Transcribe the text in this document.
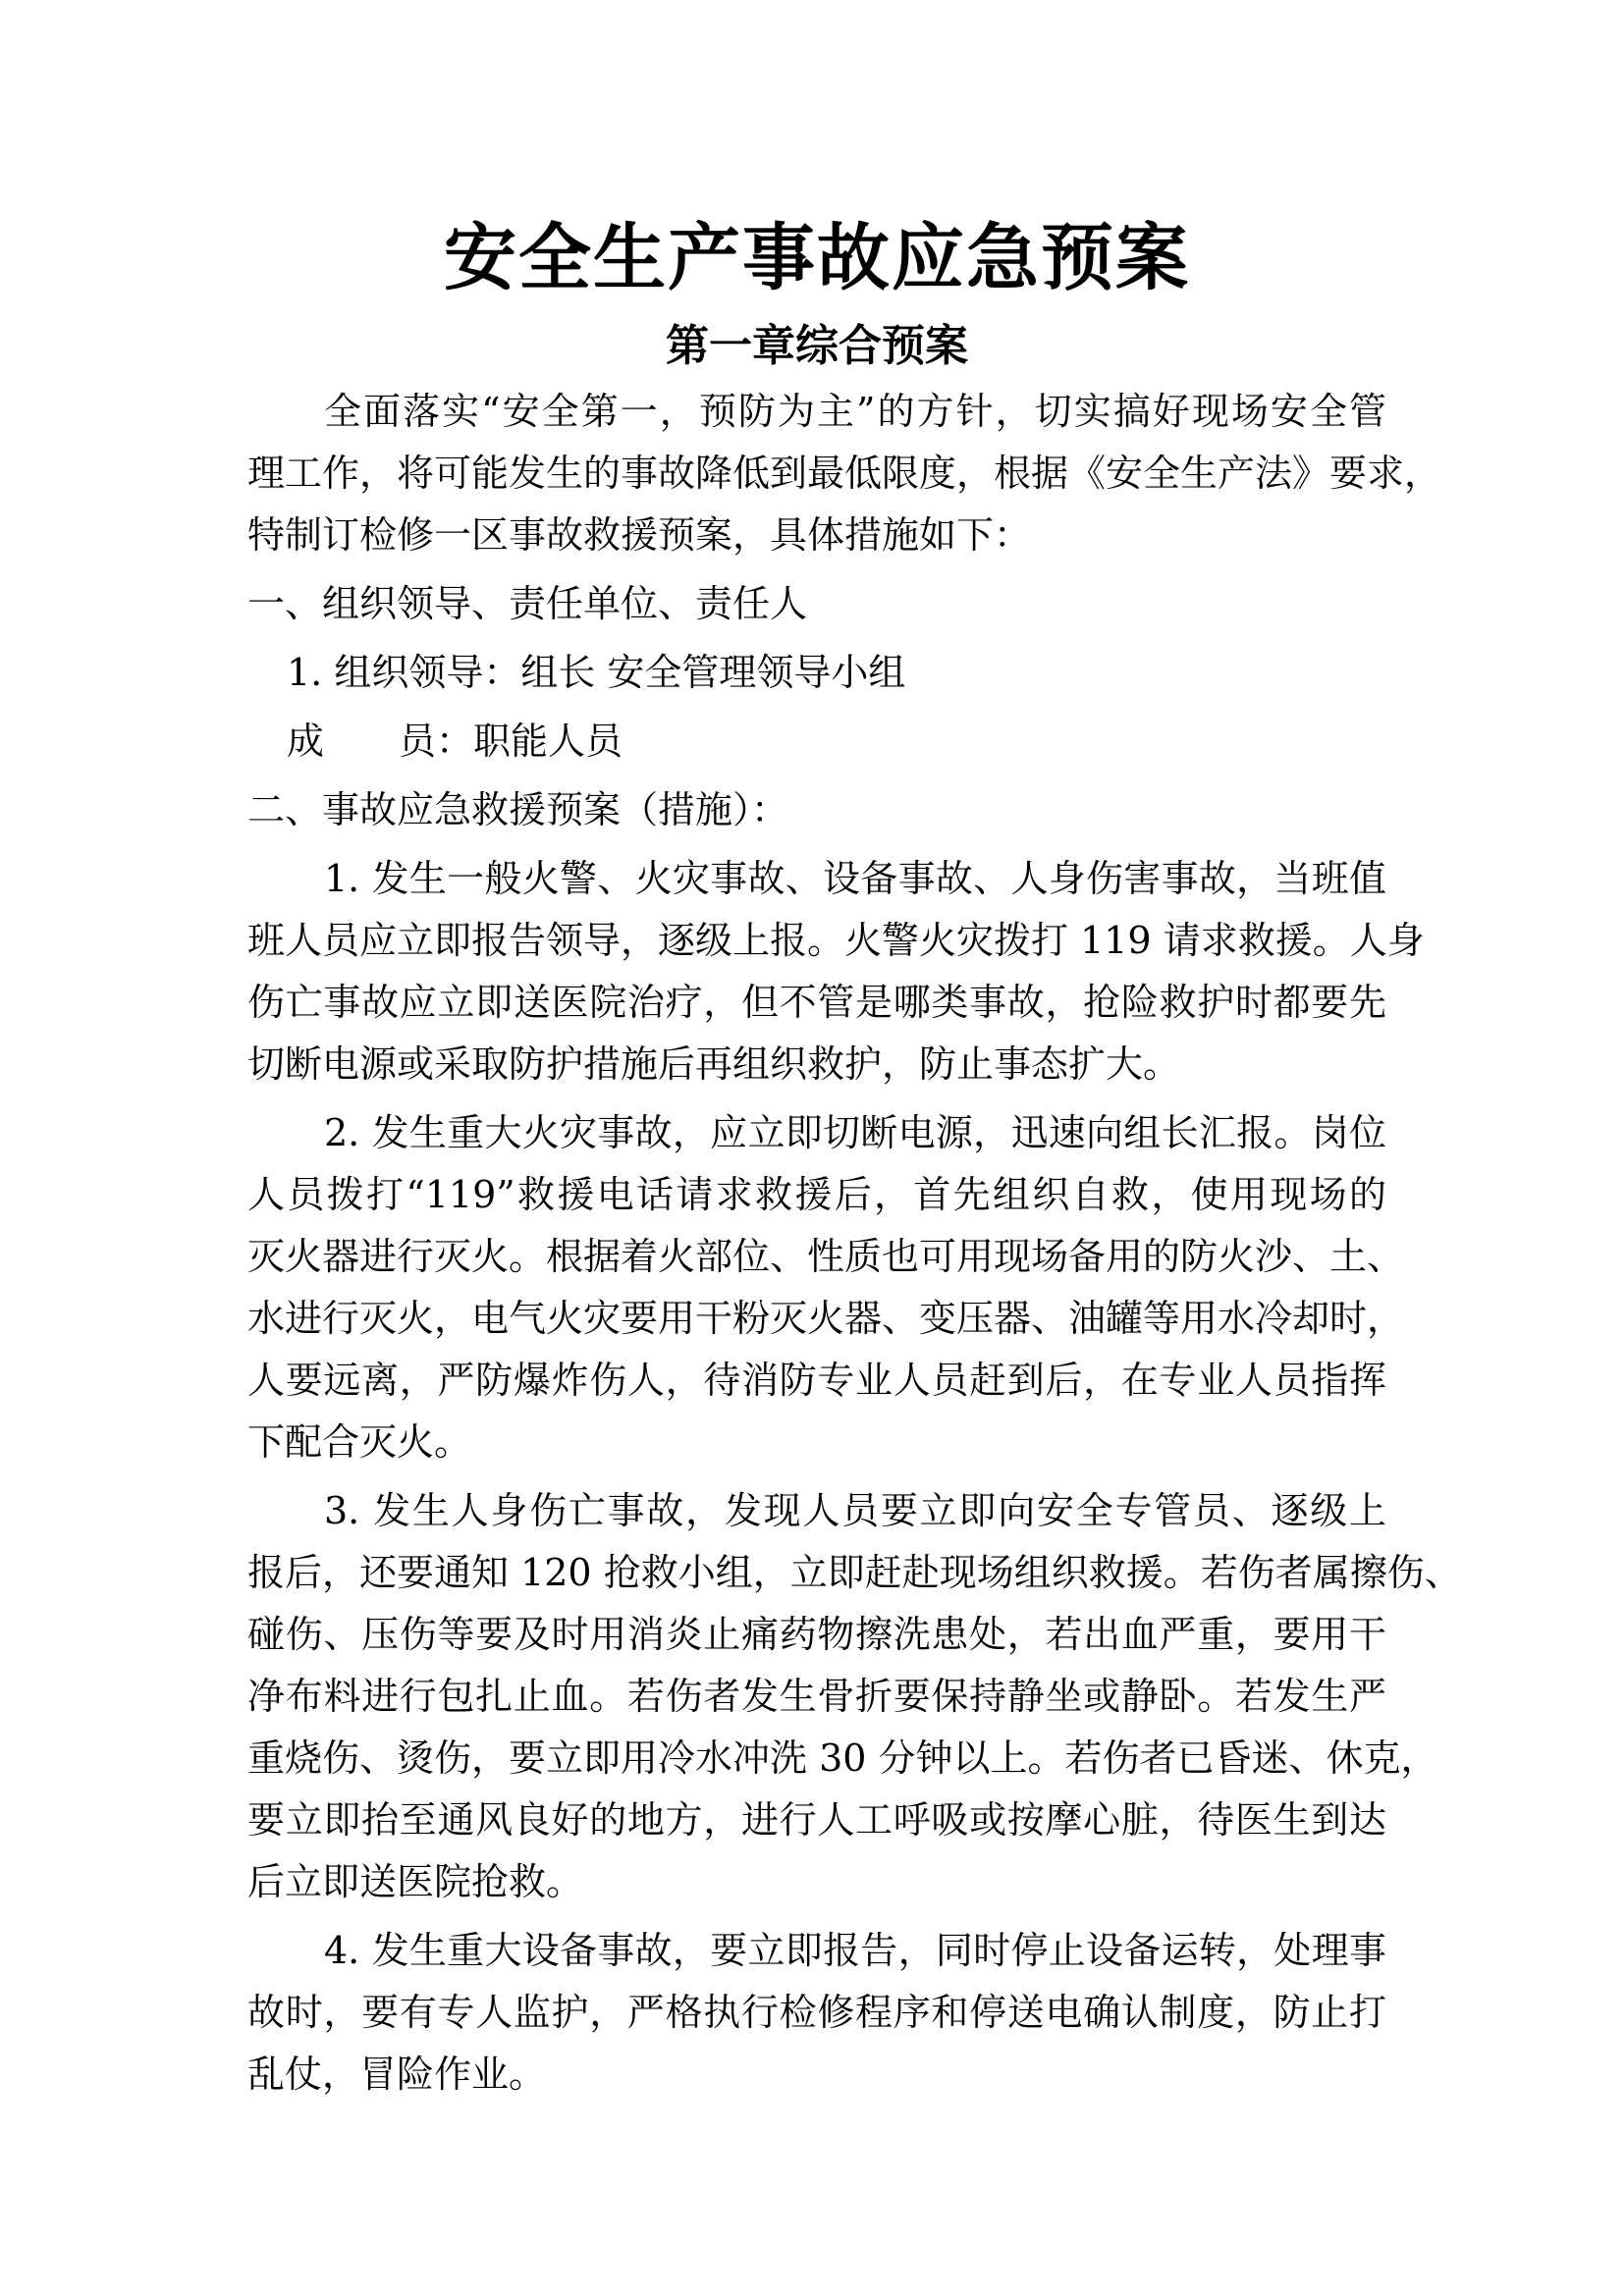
安全生产事故应急预案
第一章综合预案
全面落实“安全第一，预防为主”的方针，切实搞好现场安全管
理工作，将可能发生的事故降低到最低限度，根据《安全生产法》要求，
特制订检修一区事故救援预案，具体措施如下：
一、组织领导、责任单位、责任人
1. 组织领导：组长 安全管理领导小组
成　　员：职能人员
二、事故应急救援预案（措施）：
1. 发生一般火警、火灾事故、设备事故、人身伤害事故，当班值
班人员应立即报告领导，逐级上报。火警火灾拨打 119 请求救援。人身
伤亡事故应立即送医院治疗，但不管是哪类事故，抢险救护时都要先
切断电源或采取防护措施后再组织救护，防止事态扩大。
2. 发生重大火灾事故，应立即切断电源，迅速向组长汇报。岗位
人员拨打“119”救援电话请求救援后，首先组织自救，使用现场的
灭火器进行灭火。根据着火部位、性质也可用现场备用的防火沙、土、
水进行灭火，电气火灾要用干粉灭火器、变压器、油罐等用水冷却时，
人要远离，严防爆炸伤人，待消防专业人员赶到后，在专业人员指挥
下配合灭火。
3. 发生人身伤亡事故，发现人员要立即向安全专管员、逐级上
报后，还要通知 120 抢救小组，立即赶赴现场组织救援。若伤者属擦伤、
碰伤、压伤等要及时用消炎止痛药物擦洗患处，若出血严重，要用干
净布料进行包扎止血。若伤者发生骨折要保持静坐或静卧。若发生严
重烧伤、烫伤，要立即用冷水冲洗 30 分钟以上。若伤者已昏迷、休克，
要立即抬至通风良好的地方，进行人工呼吸或按摩心脏，待医生到达
后立即送医院抢救。
4. 发生重大设备事故，要立即报告，同时停止设备运转，处理事
故时，要有专人监护，严格执行检修程序和停送电确认制度，防止打
乱仗，冒险作业。
